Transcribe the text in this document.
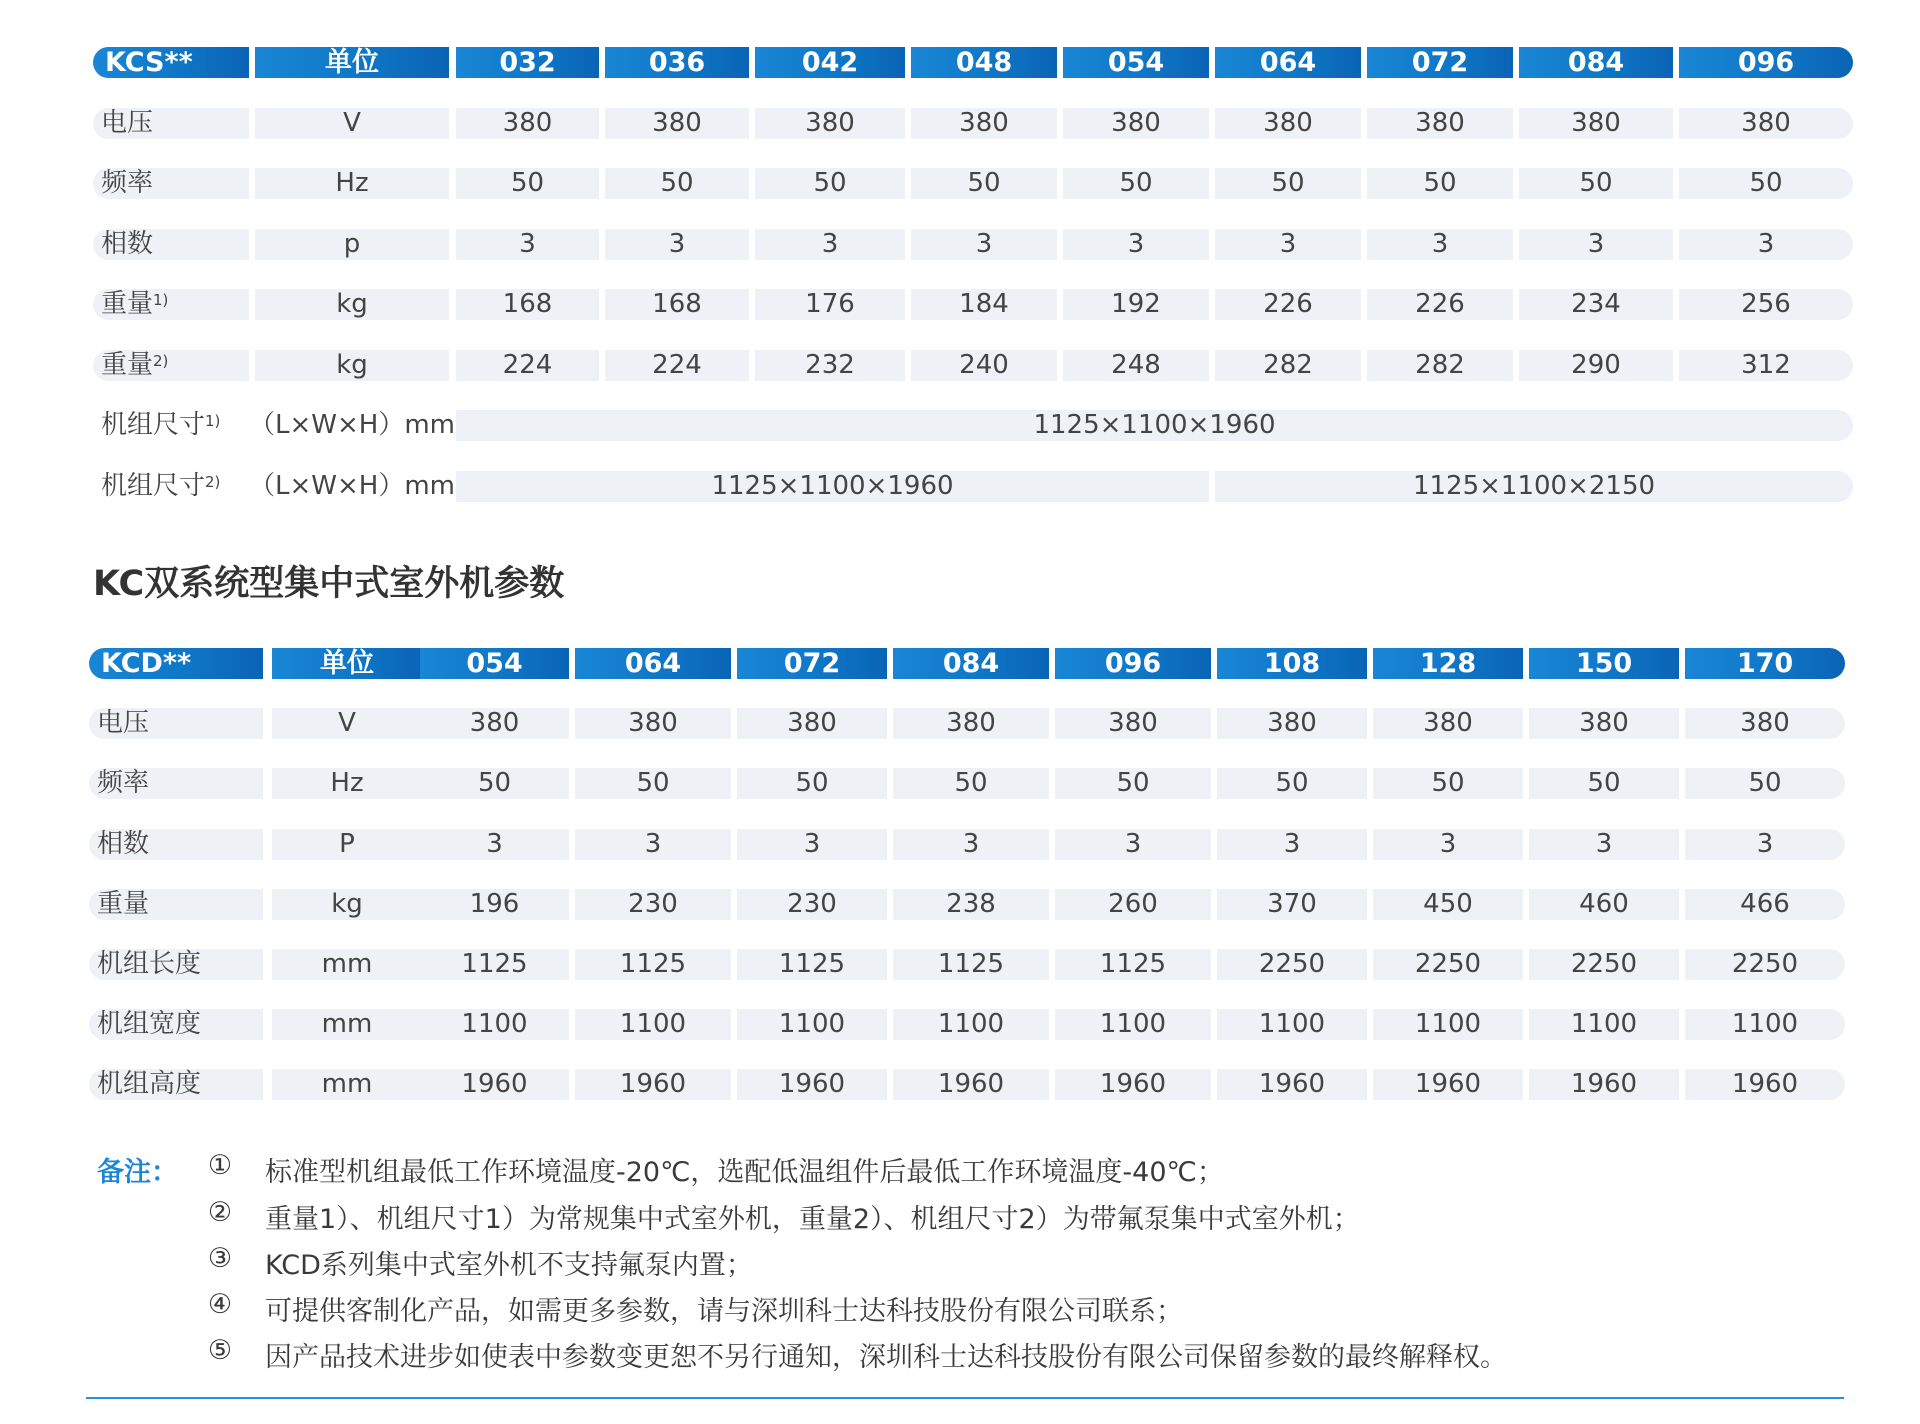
KCS**	单位	032	036	042	048	054	064	072	084	096
电压	V	380	380	380	380	380	380	380	380	380
频率	Hz	50	50	50	50	50	50	50	50	50
相数	p	3	3	3	3	3	3	3	3	3
重量$^{1)}$	kg	168	168	176	184	192	226	226	234	256
重量$^{2)}$	kg	224	224	232	240	248	282	282	290	312
机组尺寸$^{1)}$	（L×W×H）mm	1125×1100×1960
机组尺寸$^{2)}$	（L×W×H）mm	1125×1100×1960	1125×1100×2150
KC双系统型集中式室外机参数
KCD**	单位	054	064	072	084	096	108	128	150	170
电压	V	380	380	380	380	380	380	380	380	380
频率	Hz	50	50	50	50	50	50	50	50	50
相数	P	3	3	3	3	3	3	3	3	3
重量	kg	196	230	230	238	260	370	450	460	466
机组长度	mm	1125	1125	1125	1125	1125	2250	2250	2250	2250
机组宽度	mm	1100	1100	1100	1100	1100	1100	1100	1100	1100
机组高度	mm	1960	1960	1960	1960	1960	1960	1960	1960	1960
备注： ① 标准型机组最低工作环境温度-20℃，选配低温组件后最低工作环境温度-40℃；
② 重量1）、机组尺寸1）为常规集中式室外机，重量2）、机组尺寸2）为带氟泵集中式室外机；
③ KCD系列集中式室外机不支持氟泵内置；
④ 可提供客制化产品，如需更多参数，请与深圳科士达科技股份有限公司联系；
⑤ 因产品技术进步如使表中参数变更恕不另行通知，深圳科士达科技股份有限公司保留参数的最终解释权。
